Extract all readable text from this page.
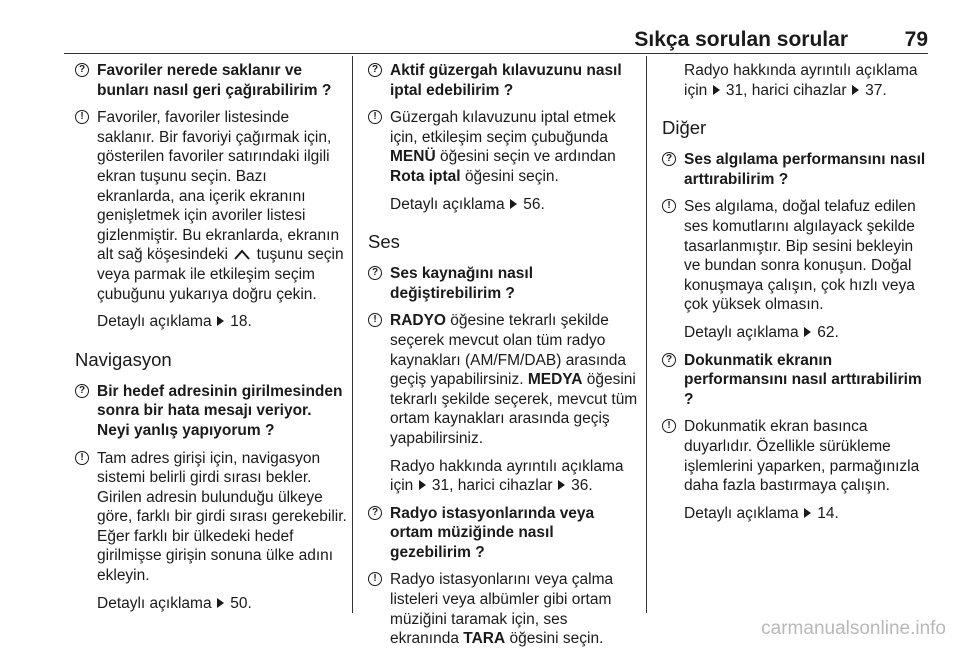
Sıkça sorulan sorular	79
? Favoriler nerede saklanır ve bunları nasıl geri çağırabilirim ?
! Favoriler, favoriler listesinde saklanır. Bir favoriyi çağırmak için, gösterilen favoriler satırındaki ilgili ekran tuşunu seçin. Bazı ekranlarda, ana içerik ekranını genişletmek için avoriler listesi gizlenmiştir. Bu ekranlarda, ekranın alt sağ köşesindeki tuşunu seçin veya parmak ile etkileşim seçim çubuğunu yukarıya doğru çekin.
Detaylı açıklama 18.
Navigasyon
? Bir hedef adresinin girilmesinden sonra bir hata mesajı veriyor. Neyi yanlış yapıyorum ?
! Tam adres girişi için, navigasyon sistemi belirli girdi sırası bekler. Girilen adresin bulunduğu ülkeye göre, farklı bir girdi sırası gerekebilir. Eğer farklı bir ülkedeki hedef girilmişse girişin sonuna ülke adını ekleyin.
Detaylı açıklama 50.
? Aktif güzergah kılavuzunu nasıl iptal edebilirim ?
! Güzergah kılavuzunu iptal etmek için, etkileşim seçim çubuğunda MENÜ öğesini seçin ve ardından Rota iptal öğesini seçin.
Detaylı açıklama 56.
Ses
? Ses kaynağını nasıl değiştirebilirim ?
! RADYO öğesine tekrarlı şekilde seçerek mevcut olan tüm radyo kaynakları (AM/FM/DAB) arasında geçiş yapabilirsiniz. MEDYA öğesini tekrarlı şekilde seçerek, mevcut tüm ortam kaynakları arasında geçiş yapabilirsiniz.
Radyo hakkında ayrıntılı açıklama için 31, harici cihazlar 36.
? Radyo istasyonlarında veya ortam müziğinde nasıl gezebilirim ?
! Radyo istasyonlarını veya çalma listeleri veya albümler gibi ortam müziğini taramak için, ses ekranında TARA öğesini seçin.
Radyo hakkında ayrıntılı açıklama için 31, harici cihazlar 37.
Diğer
? Ses algılama performansını nasıl arttırabilirim ?
! Ses algılama, doğal telafuz edilen ses komutlarını algılayack şekilde tasarlanmıştır. Bip sesini bekleyin ve bundan sonra konuşun. Doğal konuşmaya çalışın, çok hızlı veya çok yüksek olmasın.
Detaylı açıklama 62.
? Dokunmatik ekranın performansını nasıl arttırabilirim ?
! Dokunmatik ekran basınca duyarlıdır. Özellikle sürükleme işlemlerini yaparken, parmağınızla daha fazla bastırmaya çalışın.
Detaylı açıklama 14.
carmanualsonline.info
